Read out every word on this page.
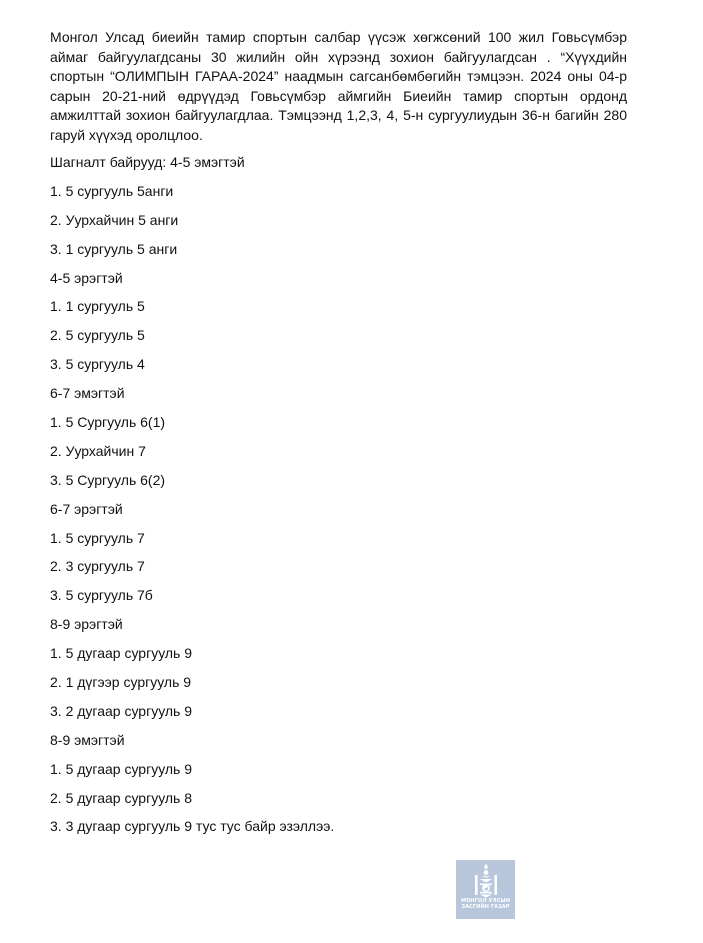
Монгол Улсад биеийн тамир спортын салбар үүсэж хөгжсөний 100 жил Говьсүмбэр аймаг байгуулагдсаны 30 жилийн ойн хүрээнд зохион байгуулагдсан . “Хүүхдийн спортын “ОЛИМПЫН ГАРАА-2024” наадмын сагсанбөмбөгийн тэмцээн. 2024 оны 04-р сарын 20-21-ний өдрүүдэд Говьсүмбэр аймгийн Биеийн тамир спортын ордонд амжилттай зохион байгуулагдлаа. Тэмцээнд 1,2,3, 4, 5-н сургуулиудын 36-н багийн 280 гаруй хүүхэд оролцлоо.

Шагналт байрууд: 4-5 эмэгтэй
1. 5 сургууль 5анги
2. Уурхайчин 5 анги
3. 1 сургууль 5 анги
4-5 эрэгтэй
1. 1 сургууль 5
2. 5 сургууль 5
3. 5 сургууль 4
6-7 эмэгтэй
1. 5 Сургууль 6(1)
2. Уурхайчин 7
3. 5 Сургууль 6(2)
6-7 эрэгтэй
1. 5 сургууль 7
2. 3 сургууль 7
3. 5 сургууль 7б
8-9 эрэгтэй
1. 5 дугаар сургууль 9
2. 1 дүгээр сургууль 9
3. 2 дугаар сургууль 9
8-9 эмэгтэй
1. 5 дугаар сургууль 9
2. 5 дугаар сургууль 8
3. 3 дугаар сургууль 9 тус тус байр эзэллээ.
МОНГОЛ УЛСЫН
ЗАСГИЙН ГАЗАР
